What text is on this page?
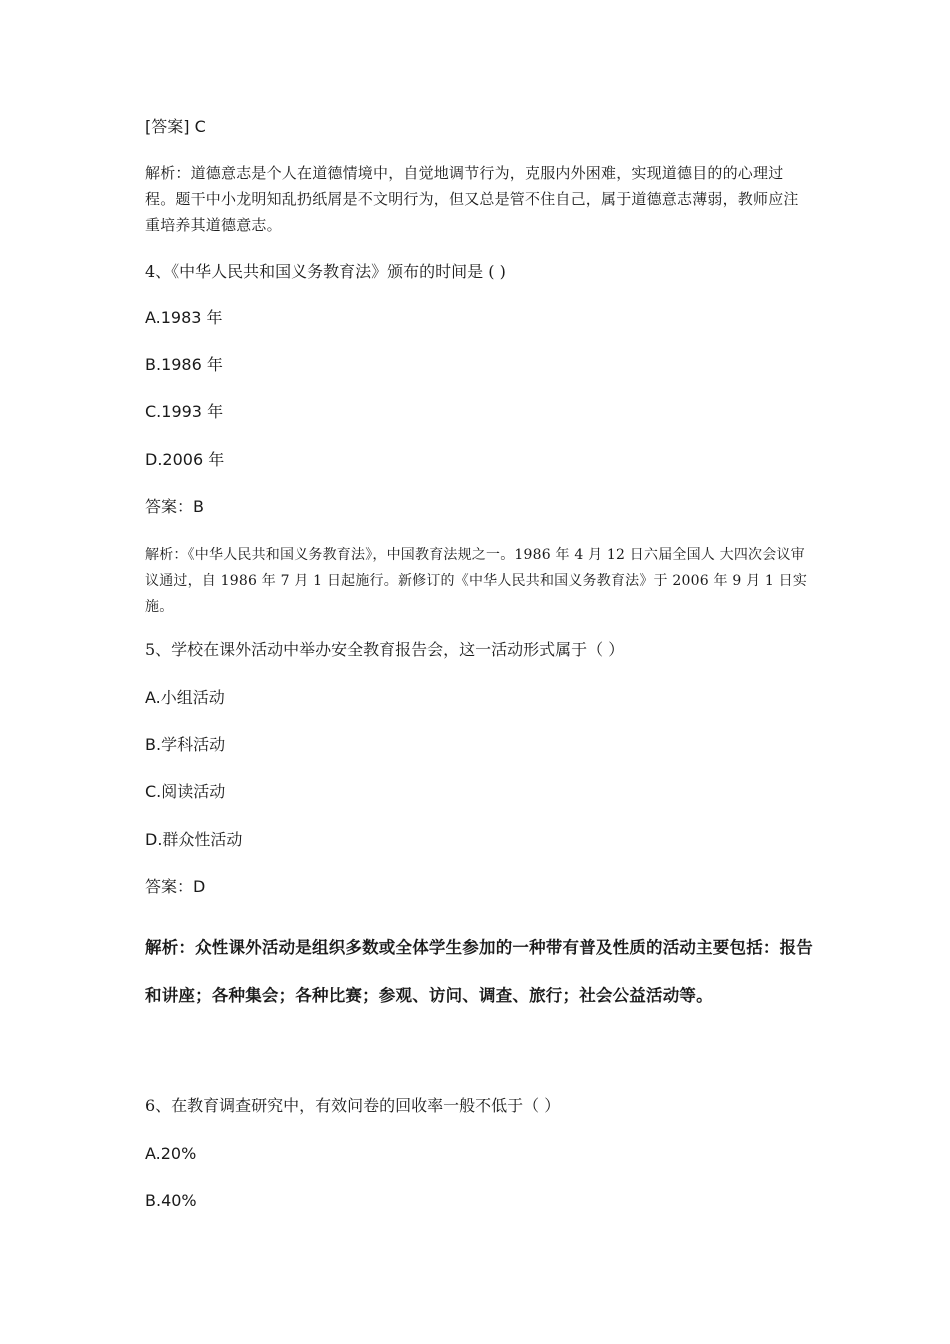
[答案] C

解析：道德意志是个人在道德情境中，自觉地调节行为，克服内外困难，实现道德目的的心理过程。题干中小龙明知乱扔纸屑是不文明行为，但又总是管不住自己，属于道德意志薄弱，教师应注重培养其道德意志。

4、《中华人民共和国义务教育法》颁布的时间是 ( )

A.1983 年

B.1986 年

C.1993 年

D.2006 年

答案：B

解析：《中华人民共和国义务教育法》，中国教育法规之一。1986 年 4 月 12 日六届全国人 大四次会议审议通过，自 1986 年 7 月 1 日起施行。新修订的《中华人民共和国义务教育法》于 2006 年 9 月 1 日实施。

5、学校在课外活动中举办安全教育报告会，这一活动形式属于（ ）

A.小组活动

B.学科活动

C.阅读活动

D.群众性活动

答案：D

解析：众性课外活动是组织多数或全体学生参加的一种带有普及性质的活动主要包括：报告和讲座；各种集会；各种比赛；参观、访问、调查、旅行；社会公益活动等。

6、在教育调查研究中，有效问卷的回收率一般不低于（ ）

A.20%

B.40%
